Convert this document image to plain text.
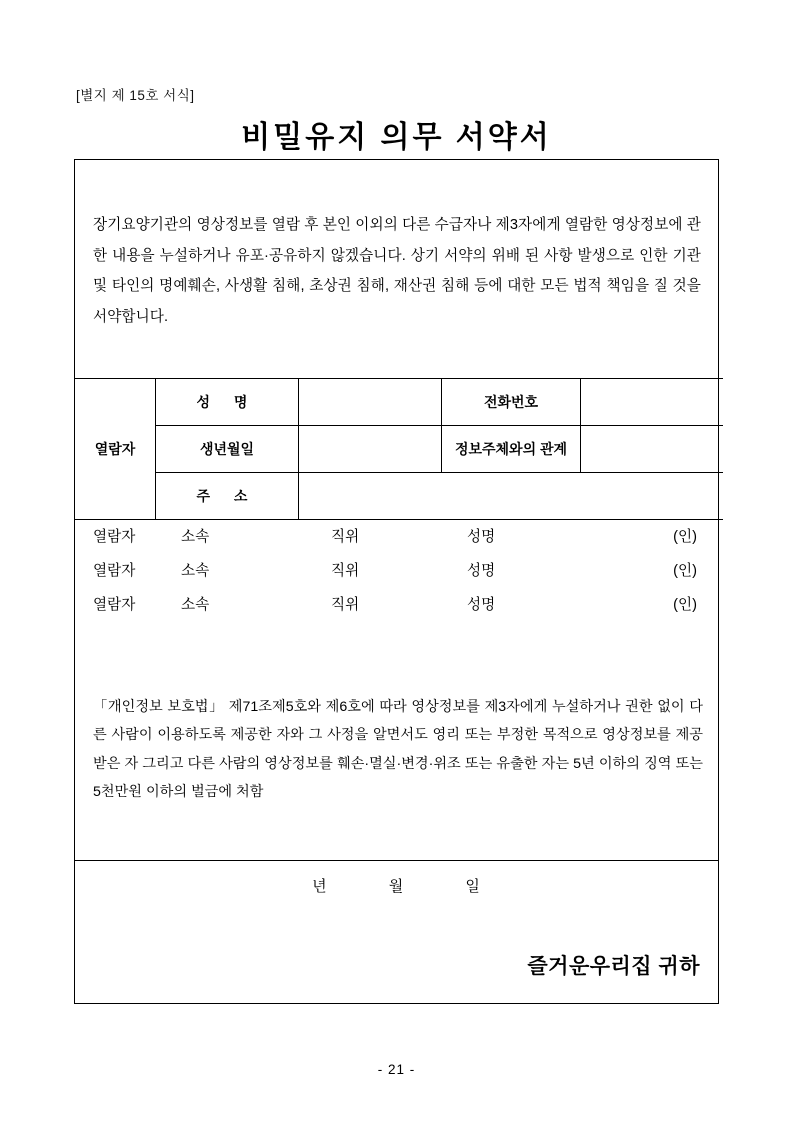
[별지 제 15호 서식]
비밀유지 의무 서약서
장기요양기관의 영상정보를 열람 후 본인 이외의 다른 수급자나 제3자에게 열람한 영상정보에 관한 내용을 누설하거나 유포·공유하지 않겠습니다. 상기 서약의 위배 된 사항 발생으로 인한 기관 및 타인의 명예훼손, 사생활 침해, 초상권 침해, 재산권 침해 등에 대한 모든 법적 책임을 질 것을 서약합니다.
열람자	성 명		전화번호	
	생년월일		정보주체와의 관계	
	주 소			
열람자	소속	직위	성명	(인)
열람자	소속	직위	성명	(인)
열람자	소속	직위	성명	(인)
「개인정보 보호법」 제71조제5호와 제6호에 따라 영상정보를 제3자에게 누설하거나 권한 없이 다른 사람이 이용하도록 제공한 자와 그 사정을 알면서도 영리 또는 부정한 목적으로 영상정보를 제공받은 자 그리고 다른 사람의 영상정보를 훼손·멸실·변경·위조 또는 유출한 자는 5년 이하의 징역 또는 5천만원 이하의 벌금에 처함
년	월	일
즐거운우리집 귀하
- 21 -
